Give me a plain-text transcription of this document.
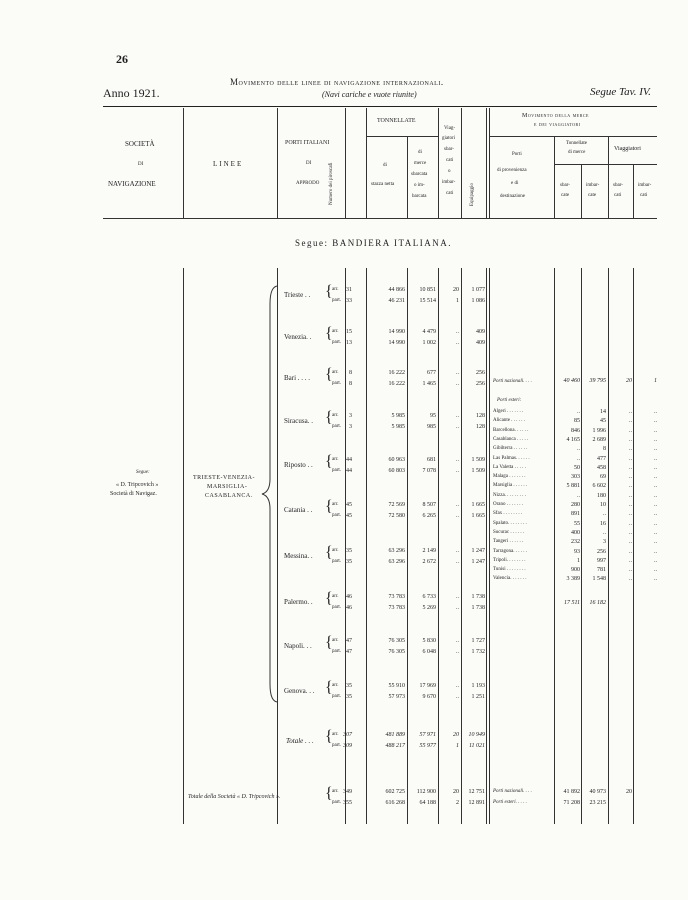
26
Anno 1921.
Movimento delle linee di navigazione internazionali.
(Navi cariche e vuote riunite)	Segue Tav. IV.
SOCIETÀ
DI
NAVIGAZIONE
LINEE
PORTI ITALIANI
DI
APPRODO Numero dei piroscafi
TONNELLATE
di
stazza netta
di
merce
sbarcata
o im-
barcata
Viag-
giatori
sbar-
cati
o
imbar-
cati	Equipaggio
Movimento della merce
e dei viaggiatori
Porti
di provenienza
e di
destinazione
Tonnellate
di merce
Viaggiatori
sbar-
cate
imbar-
cate
sbar-
cati
imbar-
cati
Segue: BANDIERA ITALIANA.
Segue:
« D. Tripcovich »
Società di Navigaz.
TRIESTE-VENEZIA-
MARSIGLIA-
CASABLANCA.
Trieste . . { arr.	31	44 866	10 851	20	1 077
part. 33	46 231	15 514	1	1 086
Venezia. . { arr.	15	14 990	4 479	..	409
part. 13	14 990	1 002	..	409
Bari . . . . { arr.	8	16 222	677	..	256
part.	8	16 222	1 465	..	256
Siracusa. . { arr.	3	5 985	95	..	128
part.	3	5 985	985	..	128
Riposto . . { arr.	44	60 963	681	..	1 509
part. 44	60 803	7 078	..	1 509
Catania . . { arr.	45	72 569	8 507	..	1 665
part. 45	72 580	6 265	..	1 665
Messina. . { arr.	35	63 296	2 149	..	1 247
part. 35	63 296	2 672	..	1 247
Palermo. . { arr.	46	73 783	6 733	..	1 738
part. 46	73 783	5 269	..	1 738
Napoli. . . { arr.	47	76 305	5 830	..	1 727
part. 47	76 305	6 048	..	1 732
Genova. . . { arr.	35	55 910	17 969	..	1 193
part. 35	57 973	9 670	..	1 251
Totale . . . { arr. 307	481 889	57 971	20	10 949
part. 309	488 217	55 977	1	11 021
Totale della Società « D. Tripcovich ».	{ arr. 349	602 725	112 900	20	12 751
part. 355	616 268	64 188	2	12 891
Porti nazionali. . . .	40 460	39 795	20	1
Porti esteri:
Algeri . . . . . . .	..	14	..	..
Alicante . . . . . .	85	45	..	..
Barcellona. . . . . .	846	1 996	..	..
Casablanca . . . . .	4 165	2 689	..	..
Gibilterra . . . . . .	..	8	..	..
Las Palmas. . . . . .	..	477	..	..
La Valetta . . . . .	50	458	..	..
Malaga . . . . . . .	303	69	..	..
Marsiglia . . . . . .	5 881	6 602	..	..
Nizza. . . . . . . . .	..	180	..	..
Orano . . . . . . .	280	10	..	..
Sfax . . . . . . . .	891	..	..	..
Spalato. . . . . . . .	55	16	..	..
Sucurac . . . . . .	400	..	..	..
Tangeri . . . . . .	232	3	..	..
Tarragona. . . . . .	93	256	..	..
Tripoli. . . . . . . .	1	997	..	..
Tunisi . . . . . . . .	900	781	..	..
Valencia. . . . . . .	3 389	1 548	..	..
17 511	16 182
Porti nazionali. . . .	41 892	40 973	20
Porti esteri. . . . .	71 208	23 215
